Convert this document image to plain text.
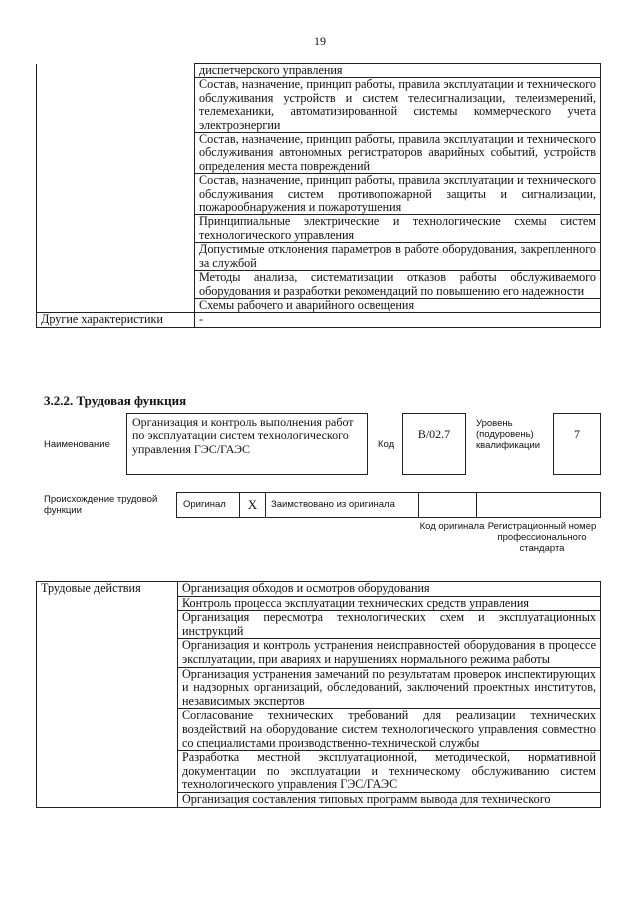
19
	диспетчерского управления
	Состав, назначение, принцип работы, правила эксплуатации и технического обслуживания устройств и систем телесигнализации, телеизмерений, телемеханики, автоматизированной системы коммерческого учета электроэнергии
	Состав, назначение, принцип работы, правила эксплуатации и технического обслуживания автономных регистраторов аварийных событий, устройств определения места повреждений
	Состав, назначение, принцип работы, правила эксплуатации и технического обслуживания систем противопожарной защиты и сигнализации, пожарообнаружения и пожаротушения
	Принципиальные электрические и технологические схемы систем технологического управления
	Допустимые отклонения параметров в работе оборудования, закрепленного за службой
	Методы анализа, систематизации отказов работы обслуживаемого оборудования и разработки рекомендаций по повышению его надежности
	Схемы рабочего и аварийного освещения
Другие характеристики	-
3.2.2. Трудовая функция
Наименование
Организация и контроль выполнения работ по эксплуатации систем технологического управления ГЭС/ГАЭС	Код
В/02.7
Уровень (подуровень) квалификации
7
Происхождение трудовой функции
Оригинал	X	Заимствовано из оригинала
Код оригинала Регистрационный номер профессионального стандарта
Трудовые действия	Организация обходов и осмотров оборудования
Контроль процесса эксплуатации технических средств управления
Организация пересмотра технологических схем и эксплуатационных инструкций
Организация и контроль устранения неисправностей оборудования в процессе эксплуатации, при авариях и нарушениях нормального режима работы
Организация устранения замечаний по результатам проверок инспектирующих и надзорных организаций, обследований, заключений проектных институтов, независимых экспертов
Согласование технических требований для реализации технических воздействий на оборудование систем технологического управления совместно со специалистами производственно-технической службы
Разработка местной эксплуатационной, методической, нормативной документации по эксплуатации и техническому обслуживанию систем технологического управления ГЭС/ГАЭС
Организация составления типовых программ вывода для технического
